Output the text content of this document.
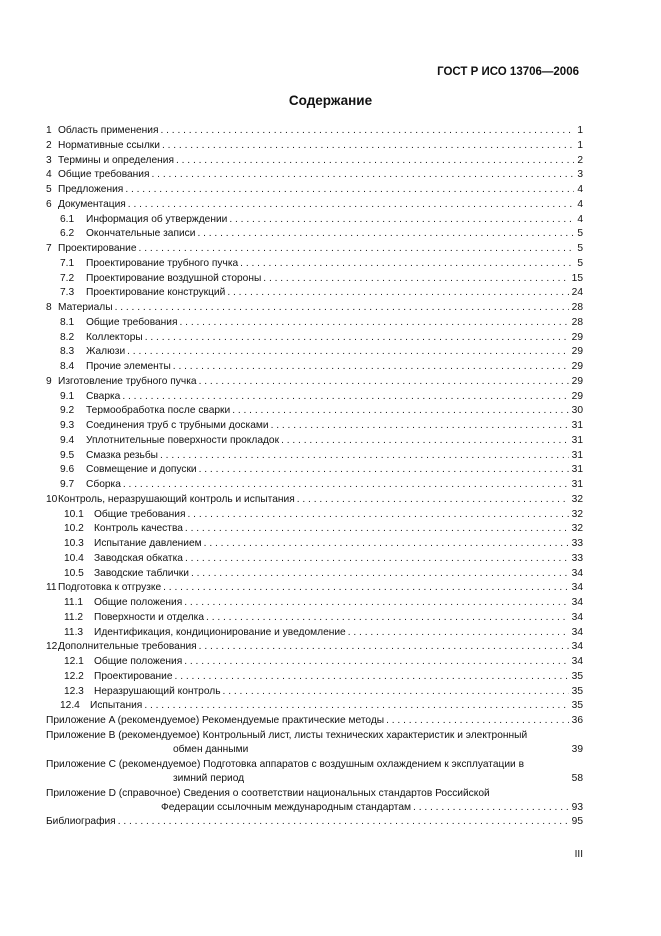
ГОСТ Р ИСО 13706—2006
Содержание
1 Область применения . . .	1
2 Нормативные ссылки . . .	1
3 Термины и определения . . .	2
4 Общие требования . . .	3
5 Предложения . . .	4
6 Документация . . .	4
6.1	Информация об утверждении . . .	4
6.2	Окончательные записи . . .	5
7 Проектирование . . .	5
7.1	Проектирование трубного пучка . . .	5
7.2	Проектирование воздушной стороны . . .	15
7.3	Проектирование конструкций . . .	24
8 Материалы . . .	28
8.1	Общие требования . . .	28
8.2	Коллекторы . . .	29
8.3	Жалюзи . . .	29
8.4	Прочие элементы . . .	29
9 Изготовление трубного пучка . . .	29
9.1	Сварка . . .	29
9.2	Термообработка после сварки . . .	30
9.3	Соединения труб с трубными досками . . .	31
9.4	Уплотнительные поверхности прокладок . . .	31
9.5	Смазка резьбы . . .	31
9.6	Совмещение и допуски . . .	31
9.7	Сборка . . .	31
10 Контроль, неразрушающий контроль и испытания . . .	32
10.1 Общие требования . . .	32
10.2 Контроль качества . . .	32
10.3 Испытание давлением . . .	33
10.4 Заводская обкатка . . .	33
10.5 Заводские таблички . . .	34
11 Подготовка к отгрузке . . .	34
11.1	Общие положения . . .	34
11.2	Поверхности и отделка . . .	34
11.3	Идентификация, кондиционирование и уведомление . . .	34
12 Дополнительные требования . . .	34
12.1 Общие положения . . .	34
12.2 Проектирование . . .	35
12.3 Неразрушающий контроль . . .	35
12.4 Испытания . . .	35
Приложение A (рекомендуемое) Рекомендуемые практические методы . . .	36
Приложение B (рекомендуемое) Контрольный лист, листы технических характеристик и электронный
обмен данными	39
Приложение C (рекомендуемое) Подготовка аппаратов с воздушным охлаждением к эксплуатации в
зимний период	58
Приложение D (справочное) Сведения о соответствии национальных стандартов Российской
Федерации ссылочным международным стандартам . . .	93
Библиография . . .	95
III
